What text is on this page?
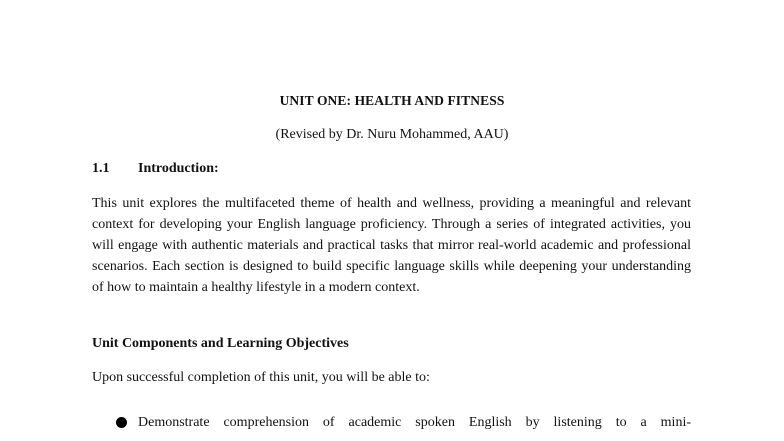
UNIT ONE: HEALTH AND FITNESS
(Revised by Dr. Nuru Mohammed, AAU)
1.1 Introduction:

This unit explores the multifaceted theme of health and wellness, providing a meaningful and relevant context for developing your English language proficiency. Through a series of integrated activities, you will engage with authentic materials and practical tasks that mirror real-world academic and professional scenarios. Each section is designed to build specific language skills while deepening your understanding of how to maintain a healthy lifestyle in a modern context.

Unit Components and Learning Objectives
Upon successful completion of this unit, you will be able to:
Demonstrate comprehension of academic spoken English by listening to a mini-
